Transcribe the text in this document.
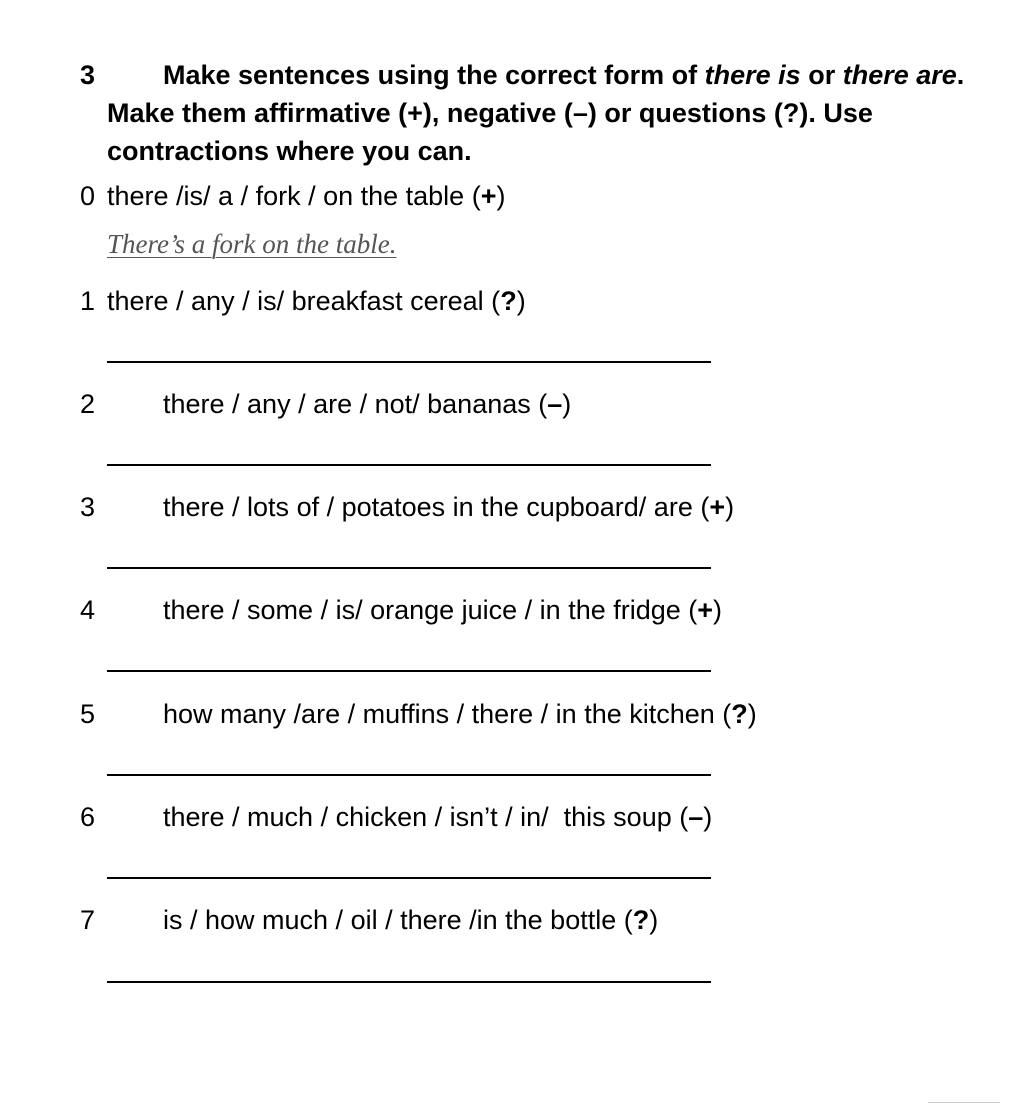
3	Make sentences using the correct form of there is or there are. Make them affirmative (+), negative (–) or questions (?). Use contractions where you can.
0 there /is/ a / fork / on the table (+)
There’s a fork on the table.
1 there / any / is/ breakfast cereal (?)
2	there / any / are / not/ bananas (–)
3	there / lots of / potatoes in the cupboard/ are (+)
4	there / some / is/ orange juice / in the fridge (+)
5	how many /are / muffins / there / in the kitchen (?)
6	there / much / chicken / isn’t / in/  this soup (–)
7	is / how much / oil / there /in the bottle (?)
